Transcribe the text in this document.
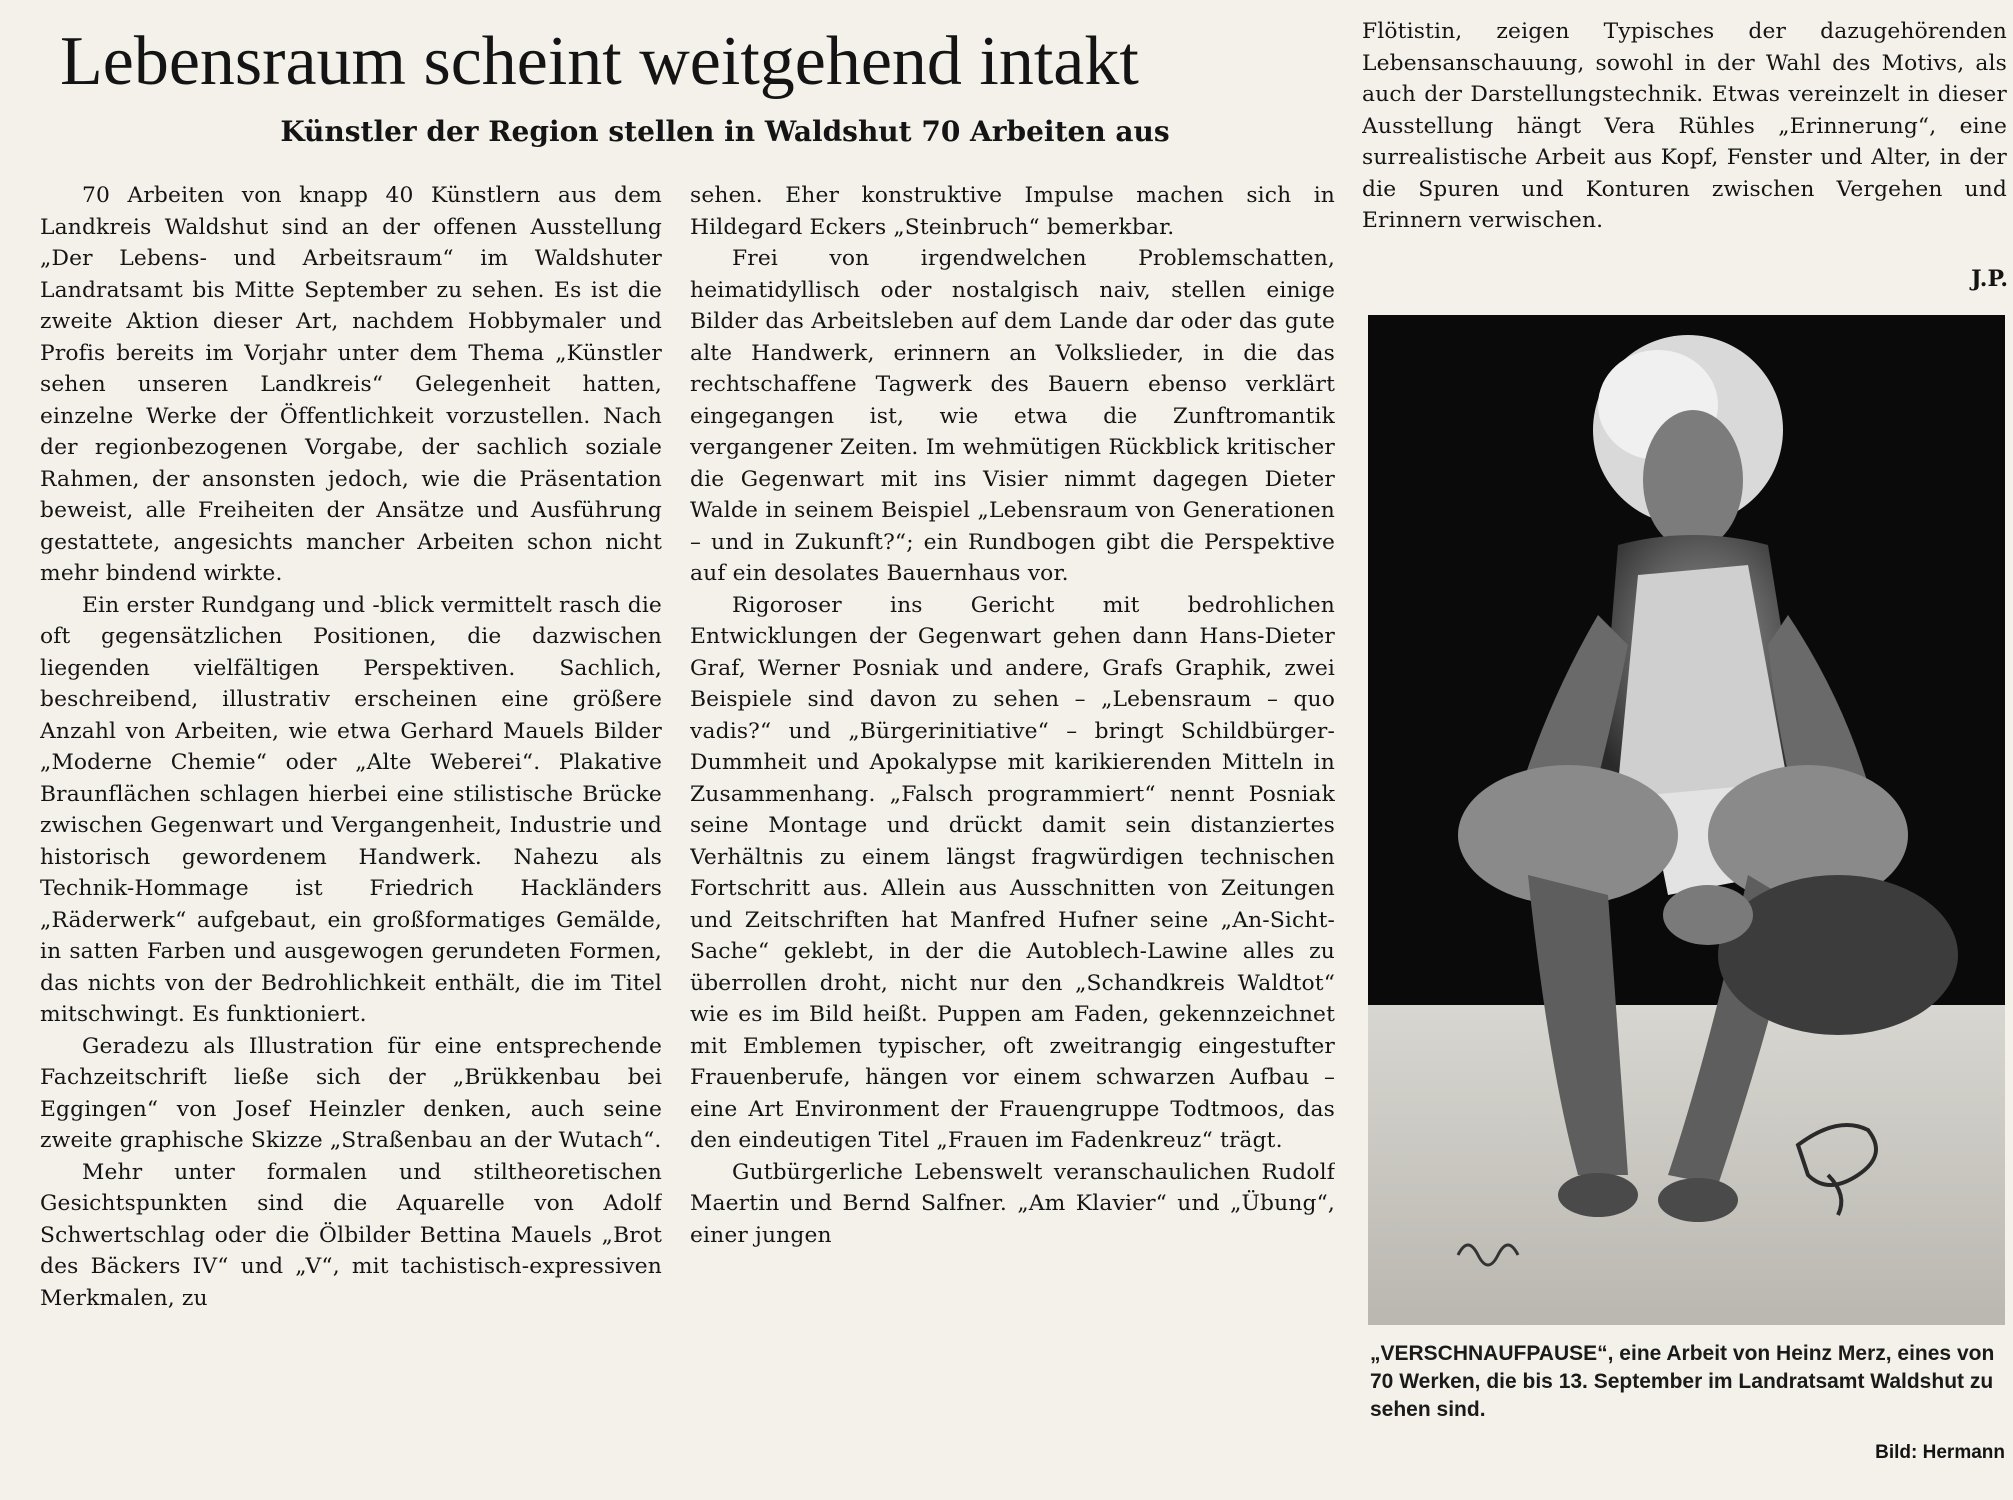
Lebensraum scheint weitgehend intakt
Künstler der Region stellen in Waldshut 70 Arbeiten aus

70 Arbeiten von knapp 40 Künstlern aus dem Landkreis Waldshut sind an der offenen Ausstellung „Der Lebens- und Arbeitsraum“ im Waldshuter Landratsamt bis Mitte September zu sehen. Es ist die zweite Aktion dieser Art, nachdem Hobbymaler und Profis bereits im Vorjahr unter dem Thema „Künstler sehen unseren Landkreis“ Gelegenheit hatten, einzelne Werke der Öffentlichkeit vorzustellen. Nach der regionbezogenen Vorgabe, der sachlich soziale Rahmen, der ansonsten jedoch, wie die Präsentation beweist, alle Freiheiten der Ansätze und Ausführung gestattete, angesichts mancher Arbeiten schon nicht mehr bindend wirkte.

Ein erster Rundgang und -blick vermittelt rasch die oft gegensätzlichen Positionen, die dazwischen liegenden vielfältigen Perspektiven. Sachlich, beschreibend, illustrativ erscheinen eine größere Anzahl von Arbeiten, wie etwa Gerhard Mauels Bilder „Moderne Chemie“ oder „Alte Weberei“. Plakative Braunflächen schlagen hierbei eine stilistische Brücke zwischen Gegenwart und Vergangenheit, Industrie und historisch gewordenem Handwerk. Nahezu als Technik-Hommage ist Friedrich Hackländers „Räderwerk“ aufgebaut, ein großformatiges Gemälde, in satten Farben und ausgewogen gerundeten Formen, das nichts von der Bedrohlichkeit enthält, die im Titel mitschwingt. Es funktioniert.

Geradezu als Illustration für eine entsprechende Fachzeitschrift ließe sich der „Brükkenbau bei Eggingen“ von Josef Heinzler denken, auch seine zweite graphische Skizze „Straßenbau an der Wutach“.

Mehr unter formalen und stiltheoretischen Gesichtspunkten sind die Aquarelle von Adolf Schwertschlag oder die Ölbilder Bettina Mauels „Brot des Bäckers IV“ und „V“, mit tachistisch-expressiven Merkmalen, zu

sehen. Eher konstruktive Impulse machen sich in Hildegard Eckers „Steinbruch“ bemerkbar.

Frei von irgendwelchen Problemschatten, heimatidyllisch oder nostalgisch naiv, stellen einige Bilder das Arbeitsleben auf dem Lande dar oder das gute alte Handwerk, erinnern an Volkslieder, in die das rechtschaffene Tagwerk des Bauern ebenso verklärt eingegangen ist, wie etwa die Zunftromantik vergangener Zeiten. Im wehmütigen Rückblick kritischer die Gegenwart mit ins Visier nimmt dagegen Dieter Walde in seinem Beispiel „Lebensraum von Generationen – und in Zukunft?“; ein Rundbogen gibt die Perspektive auf ein desolates Bauernhaus vor.

Rigoroser ins Gericht mit bedrohlichen Entwicklungen der Gegenwart gehen dann Hans-Dieter Graf, Werner Posniak und andere, Grafs Graphik, zwei Beispiele sind davon zu sehen – „Lebensraum – quo vadis?“ und „Bürgerinitiative“ – bringt Schildbürger-Dummheit und Apokalypse mit karikierenden Mitteln in Zusammenhang. „Falsch programmiert“ nennt Posniak seine Montage und drückt damit sein distanziertes Verhältnis zu einem längst fragwürdigen technischen Fortschritt aus. Allein aus Ausschnitten von Zeitungen und Zeitschriften hat Manfred Hufner seine „An-Sicht-Sache“ geklebt, in der die Autoblech-Lawine alles zu überrollen droht, nicht nur den „Schandkreis Waldtot“ wie es im Bild heißt. Puppen am Faden, gekennzeichnet mit Emblemen typischer, oft zweitrangig eingestufter Frauenberufe, hängen vor einem schwarzen Aufbau – eine Art Environment der Frauengruppe Todtmoos, das den eindeutigen Titel „Frauen im Fadenkreuz“ trägt.

Gutbürgerliche Lebenswelt veranschaulichen Rudolf Maertin und Bernd Salfner. „Am Klavier“ und „Übung“, einer jungen

Flötistin, zeigen Typisches der dazugehörenden Lebensanschauung, sowohl in der Wahl des Motivs, als auch der Darstellungstechnik. Etwas vereinzelt in dieser Ausstellung hängt Vera Rühles „Erinnerung“, eine surrealistische Arbeit aus Kopf, Fenster und Alter, in der die Spuren und Konturen zwischen Vergehen und Erinnern verwischen.

J.P.
„VERSCHNAUFPAUSE“, eine Arbeit von Heinz Merz, eines von 70 Werken, die bis 13. September im Landratsamt Waldshut zu sehen sind.
Bild: Hermann
